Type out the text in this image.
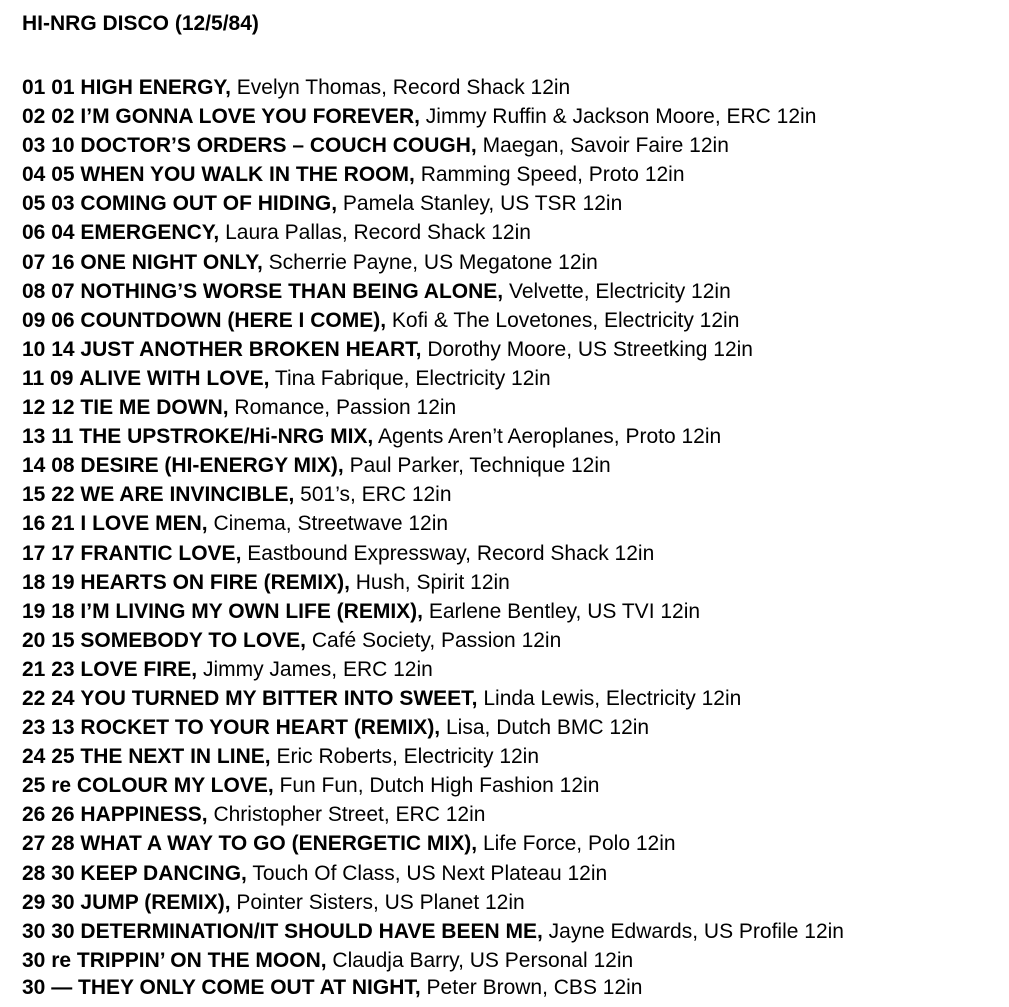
HI-NRG DISCO (12/5/84)
01 01 HIGH ENERGY, Evelyn Thomas, Record Shack 12in
02 02 I’M GONNA LOVE YOU FOREVER, Jimmy Ruffin & Jackson Moore, ERC 12in
03 10 DOCTOR’S ORDERS – COUCH COUGH, Maegan, Savoir Faire 12in
04 05 WHEN YOU WALK IN THE ROOM, Ramming Speed, Proto 12in
05 03 COMING OUT OF HIDING, Pamela Stanley, US TSR 12in
06 04 EMERGENCY, Laura Pallas, Record Shack 12in
07 16 ONE NIGHT ONLY, Scherrie Payne, US Megatone 12in
08 07 NOTHING’S WORSE THAN BEING ALONE, Velvette, Electricity 12in
09 06 COUNTDOWN (HERE I COME), Kofi & The Lovetones, Electricity 12in
10 14 JUST ANOTHER BROKEN HEART, Dorothy Moore, US Streetking 12in
11 09 ALIVE WITH LOVE, Tina Fabrique, Electricity 12in
12 12 TIE ME DOWN, Romance, Passion 12in
13 11 THE UPSTROKE/Hi-NRG MIX, Agents Aren’t Aeroplanes, Proto 12in
14 08 DESIRE (HI-ENERGY MIX), Paul Parker, Technique 12in
15 22 WE ARE INVINCIBLE, 501’s, ERC 12in
16 21 I LOVE MEN, Cinema, Streetwave 12in
17 17 FRANTIC LOVE, Eastbound Expressway, Record Shack 12in
18 19 HEARTS ON FIRE (REMIX), Hush, Spirit 12in
19 18 I’M LIVING MY OWN LIFE (REMIX), Earlene Bentley, US TVI 12in
20 15 SOMEBODY TO LOVE, Café Society, Passion 12in
21 23 LOVE FIRE, Jimmy James, ERC 12in
22 24 YOU TURNED MY BITTER INTO SWEET, Linda Lewis, Electricity 12in
23 13 ROCKET TO YOUR HEART (REMIX), Lisa, Dutch BMC 12in
24 25 THE NEXT IN LINE, Eric Roberts, Electricity 12in
25 re COLOUR MY LOVE, Fun Fun, Dutch High Fashion 12in
26 26 HAPPINESS, Christopher Street, ERC 12in
27 28 WHAT A WAY TO GO (ENERGETIC MIX), Life Force, Polo 12in
28 30 KEEP DANCING, Touch Of Class, US Next Plateau 12in
29 30 JUMP (REMIX), Pointer Sisters, US Planet 12in
30 30 DETERMINATION/IT SHOULD HAVE BEEN ME, Jayne Edwards, US Profile 12in
30 re TRIPPIN’ ON THE MOON, Claudja Barry, US Personal 12in
30 — THEY ONLY COME OUT AT NIGHT, Peter Brown, CBS 12in
